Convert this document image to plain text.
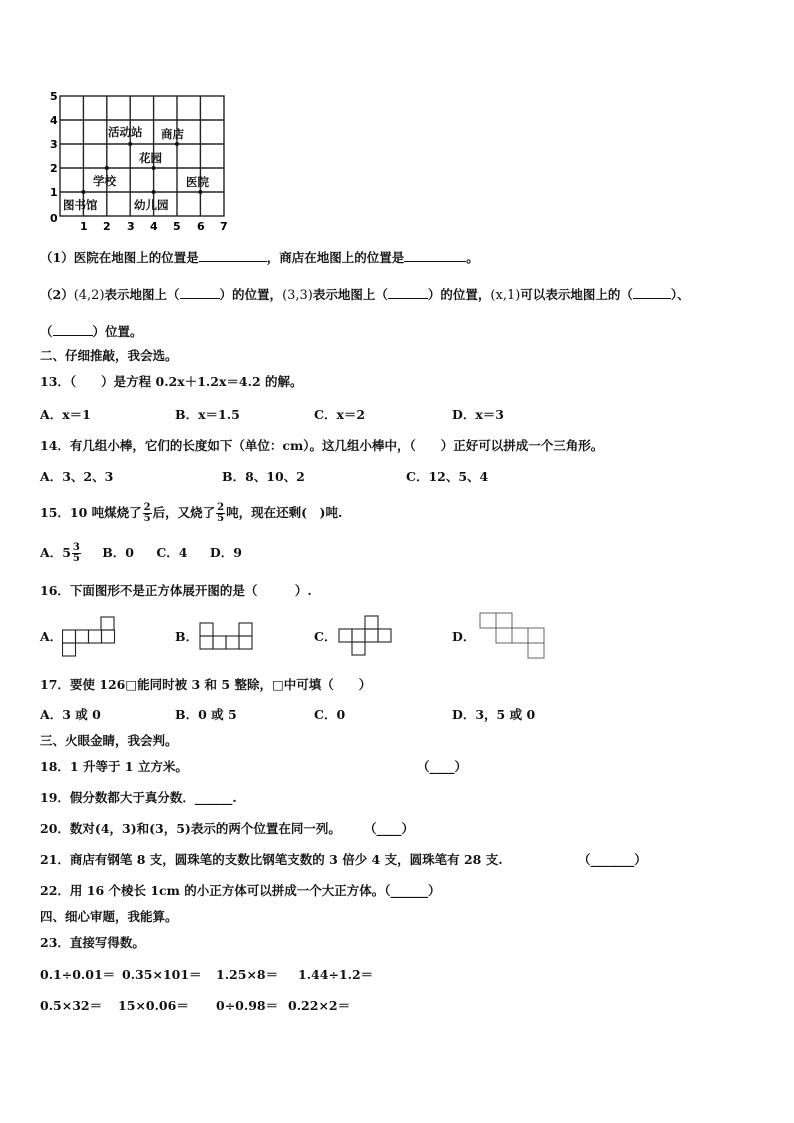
0
1
2
3
4
5
1 2 3 4 5 6 7
活动站 商店
花园
学校	医院
图书馆	幼儿园
（1）医院在地图上的位置是	，商店在地图上的位置是	。
（2）(4,2)表示地图上（	）的位置，(3,3)表示地图上（	）的位置，(x,1)可以表示地图上的（	）、
（	）位置。
二、仔细推敲，我会选。
13．（　　）是方程 0.2x＋1.2x＝4.2 的解。
A．x＝1	B．x＝1.5	C．x＝2	D．x＝3
14．有几组小棒，它们的长度如下（单位：cm）。这几组小棒中，（　　）正好可以拼成一个三角形。
A．3、2、3	B．8、10、2	C．12、5、4
15．10 吨煤烧了 $\frac{2}{5}$ 后，又烧了 $\frac{2}{5}$ 吨，现在还剩(　)吨.
A．$5 \frac{3}{5}$ B．0 C．4 D．9
16．下面图形不是正方体展开图的是（　　　）.
A．	B．	C．	D．
17．要使 126□能同时被 3 和 5 整除，□中可填（　　）
A．3 或 0	B．0 或 5	C．0	D．3，5 或 0
三、火眼金睛，我会判。
18．1 升等于 1 立方米。	（____）
19．假分数都大于真分数．______.
20．数对(4，3)和(3，5)表示的两个位置在同一列。 （____）
21．商店有钢笔 8 支，圆珠笔的支数比钢笔支数的 3 倍少 4 支，圆珠笔有 28 支.	（_______）
22．用 16 个棱长 1cm 的小正方体可以拼成一个大正方体。（______）
四、细心审题，我能算。
23．直接写得数。
0.1÷0.01＝ 0.35×101＝ 1.25×8＝ 1.44÷1.2＝
0.5×32＝ 15×0.06＝ 0÷0.98＝ 0.22×2＝
